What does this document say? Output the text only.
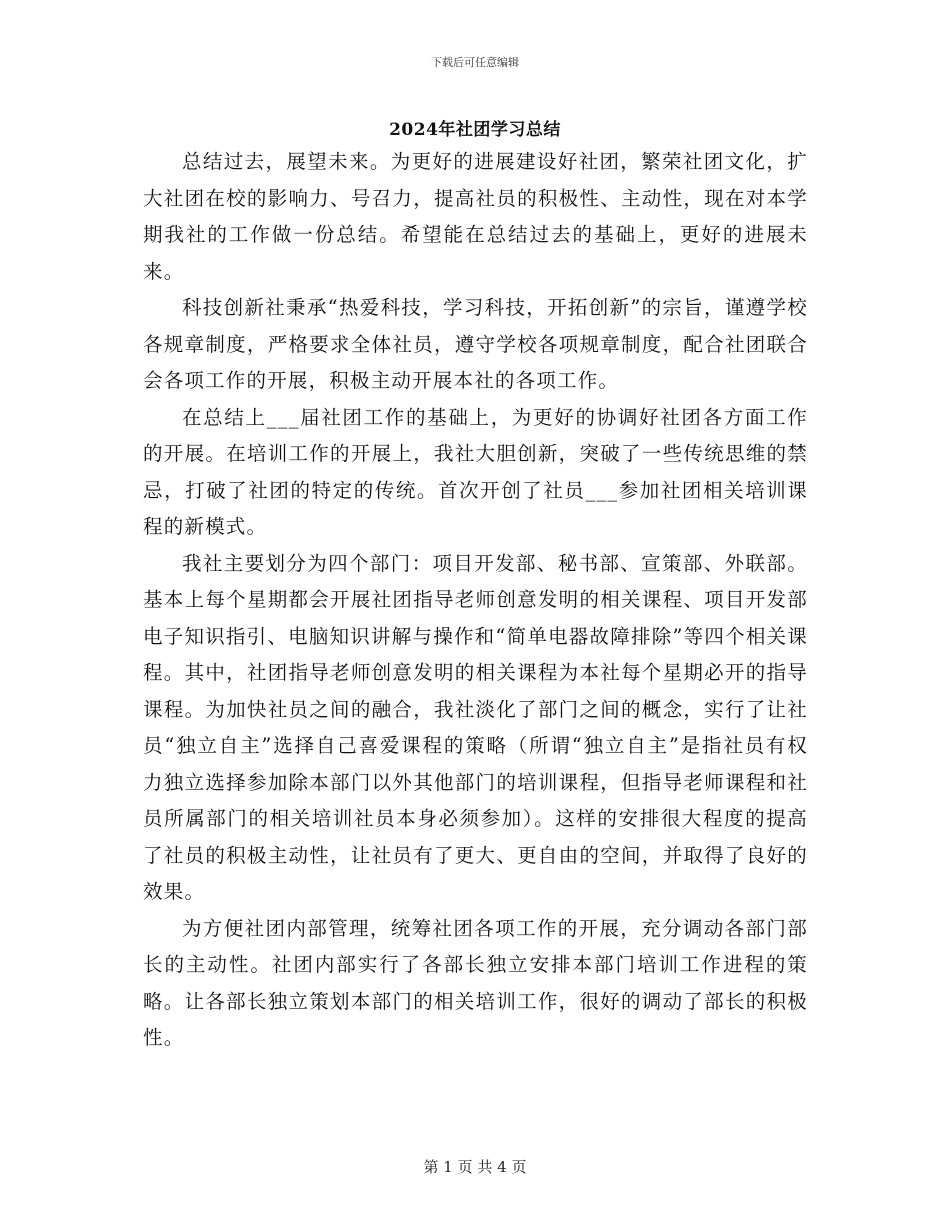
下载后可任意编辑
2024年社团学习总结

总结过去，展望未来。为更好的进展建设好社团，繁荣社团文化，扩大社团在校的影响力、号召力，提高社员的积极性、主动性，现在对本学期我社的工作做一份总结。希望能在总结过去的基础上，更好的进展未来。

科技创新社秉承“热爱科技，学习科技，开拓创新”的宗旨，谨遵学校各规章制度，严格要求全体社员，遵守学校各项规章制度，配合社团联合会各项工作的开展，积极主动开展本社的各项工作。

在总结上___届社团工作的基础上，为更好的协调好社团各方面工作的开展。在培训工作的开展上，我社大胆创新，突破了一些传统思维的禁忌，打破了社团的特定的传统。首次开创了社员___参加社团相关培训课程的新模式。

我社主要划分为四个部门：项目开发部、秘书部、宣策部、外联部。基本上每个星期都会开展社团指导老师创意发明的相关课程、项目开发部电子知识指引、电脑知识讲解与操作和“简单电器故障排除”等四个相关课程。其中，社团指导老师创意发明的相关课程为本社每个星期必开的指导课程。为加快社员之间的融合，我社淡化了部门之间的概念，实行了让社员“独立自主”选择自己喜爱课程的策略（所谓“独立自主”是指社员有权力独立选择参加除本部门以外其他部门的培训课程，但指导老师课程和社员所属部门的相关培训社员本身必须参加）。这样的安排很大程度的提高了社员的积极主动性，让社员有了更大、更自由的空间，并取得了良好的效果。

为方便社团内部管理，统筹社团各项工作的开展，充分调动各部门部长的主动性。社团内部实行了各部长独立安排本部门培训工作进程的策略。让各部长独立策划本部门的相关培训工作，很好的调动了部长的积极性。

第 1 页 共 4 页
